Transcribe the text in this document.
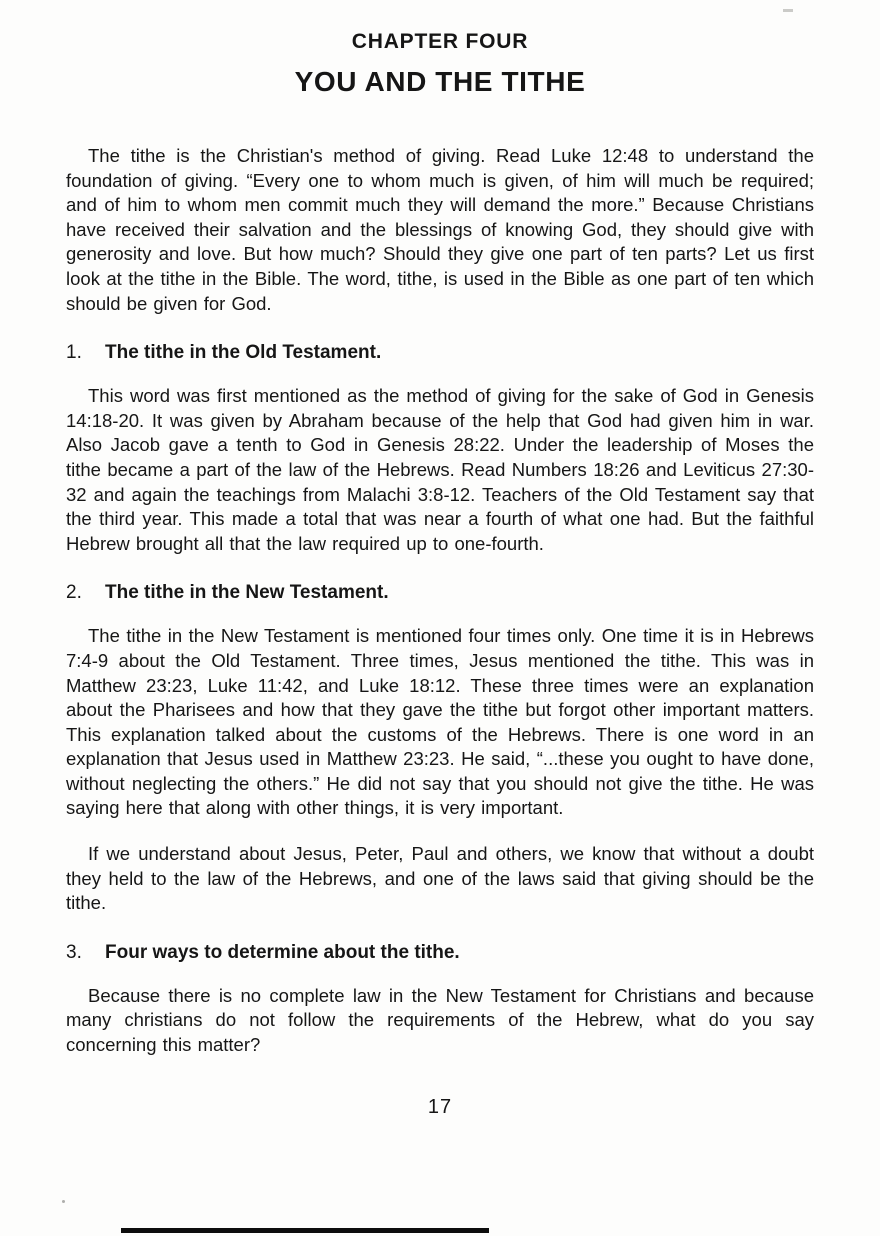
CHAPTER FOUR
YOU AND THE TITHE

The tithe is the Christian's method of giving. Read Luke 12:48 to understand the foundation of giving. “Every one to whom much is given, of him will much be required; and of him to whom men commit much they will demand the more.” Because Christians have received their salvation and the blessings of knowing God, they should give with generosity and love. But how much? Should they give one part of ten parts? Let us first look at the tithe in the Bible. The word, tithe, is used in the Bible as one part of ten which should be given for God.

1.	The tithe in the Old Testament.

This word was first mentioned as the method of giving for the sake of God in Genesis 14:18-20. It was given by Abraham because of the help that God had given him in war. Also Jacob gave a tenth to God in Genesis 28:22. Under the leadership of Moses the tithe became a part of the law of the Hebrews. Read Numbers 18:26 and Leviticus 27:30-32 and again the teachings from Malachi 3:8-12. Teachers of the Old Testament say that the third year. This made a total that was near a fourth of what one had. But the faithful Hebrew brought all that the law required up to one-fourth.

2.	The tithe in the New Testament.

The tithe in the New Testament is mentioned four times only. One time it is in Hebrews 7:4-9 about the Old Testament. Three times, Jesus mentioned the tithe. This was in Matthew 23:23, Luke 11:42, and Luke 18:12. These three times were an explanation about the Pharisees and how that they gave the tithe but forgot other important matters. This explanation talked about the customs of the Hebrews. There is one word in an explanation that Jesus used in Matthew 23:23. He said, “...these you ought to have done, without neglecting the others.” He did not say that you should not give the tithe. He was saying here that along with other things, it is very important.

If we understand about Jesus, Peter, Paul and others, we know that without a doubt they held to the law of the Hebrews, and one of the laws said that giving should be the tithe.

3.	Four ways to determine about the tithe.

Because there is no complete law in the New Testament for Christians and because many christians do not follow the requirements of the Hebrew, what do you say concerning this matter?

17
